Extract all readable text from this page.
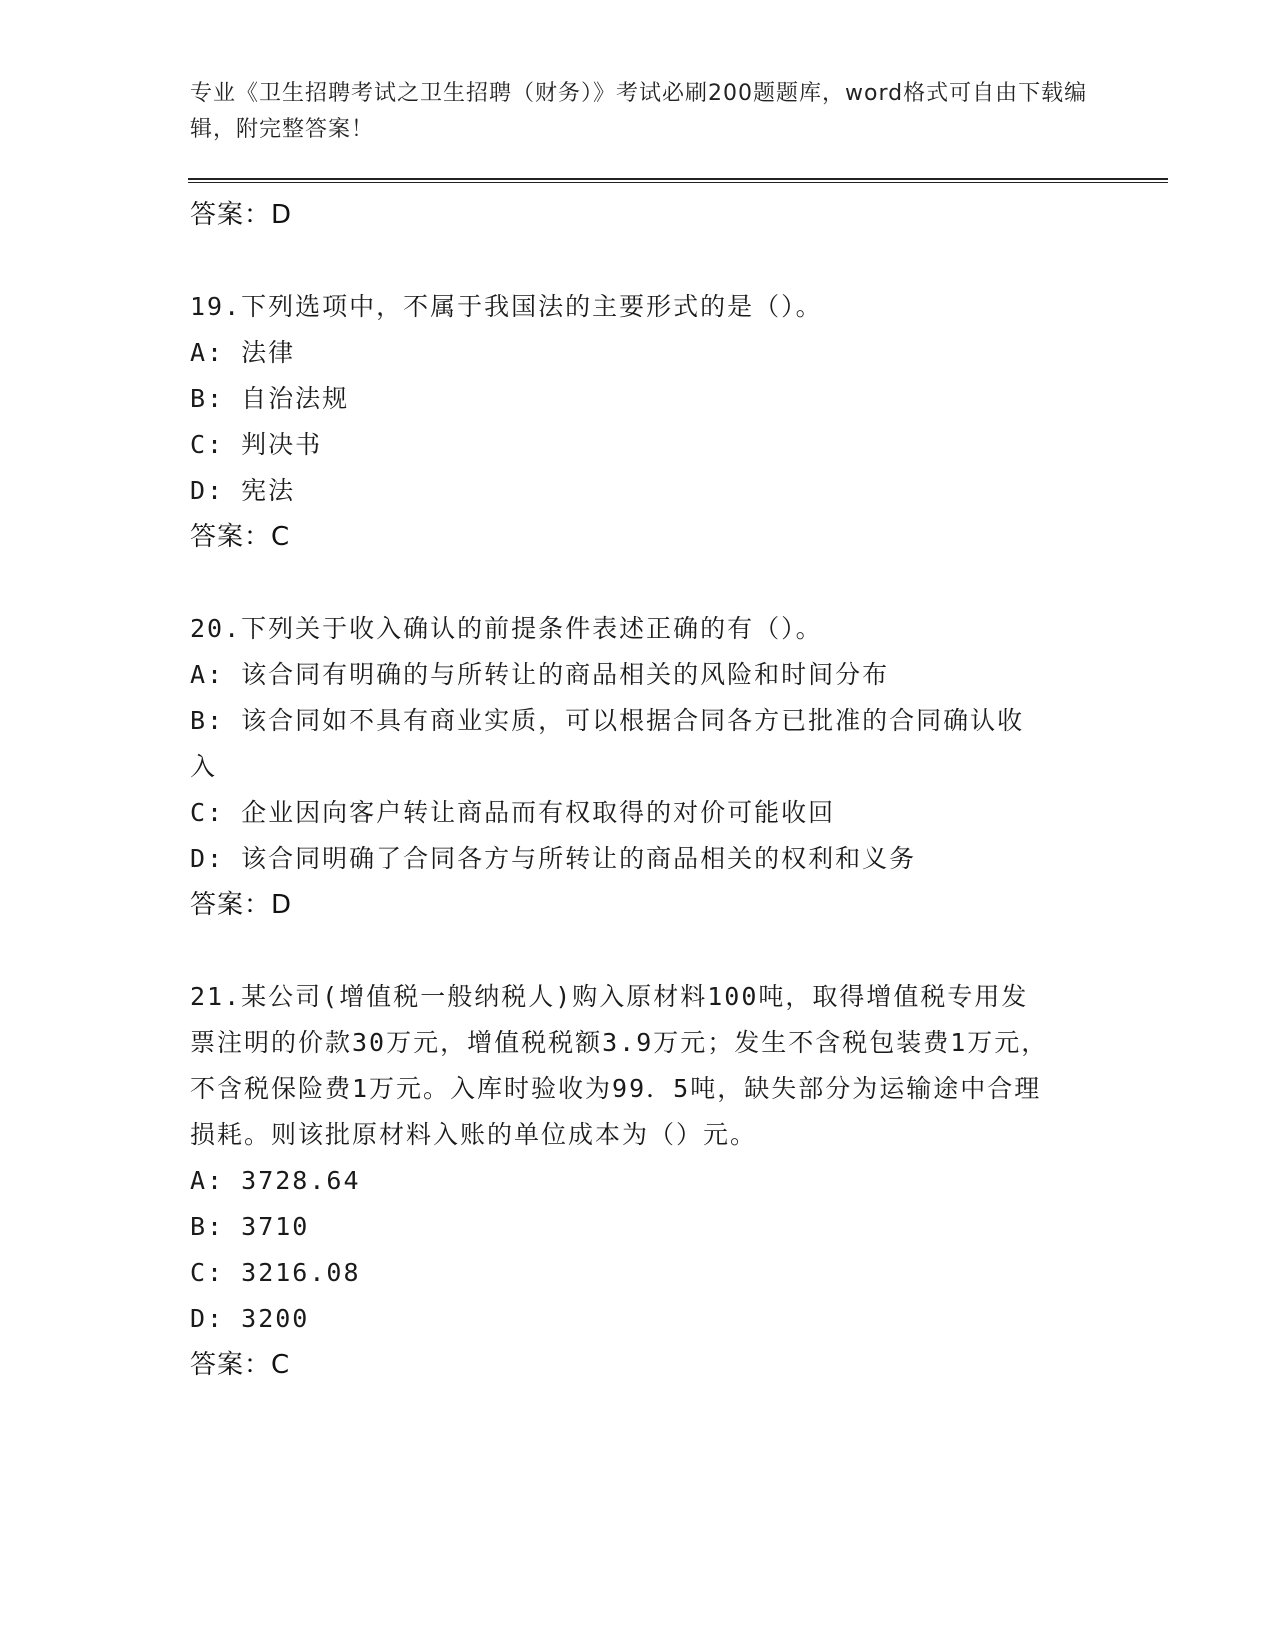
专业《卫生招聘考试之卫生招聘（财务）》考试必刷200题题库，word格式可自由下载编辑，附完整答案！
答案：D
19.下列选项中，不属于我国法的主要形式的是（）。
A: 法律
B: 自治法规
C: 判决书
D: 宪法
答案：C
20.下列关于收入确认的前提条件表述正确的有（）。
A: 该合同有明确的与所转让的商品相关的风险和时间分布
B: 该合同如不具有商业实质，可以根据合同各方已批准的合同确认收入
C: 企业因向客户转让商品而有权取得的对价可能收回
D: 该合同明确了合同各方与所转让的商品相关的权利和义务
答案：D
21.某公司(增值税一般纳税人)购入原材料100吨，取得增值税专用发票注明的价款30万元，增值税税额3.9万元；发生不含税包装费1万元，不含税保险费1万元。入库时验收为99．5吨，缺失部分为运输途中合理损耗。则该批原材料入账的单位成本为（）元。
A: 3728.64
B: 3710
C: 3216.08
D: 3200
答案：C
